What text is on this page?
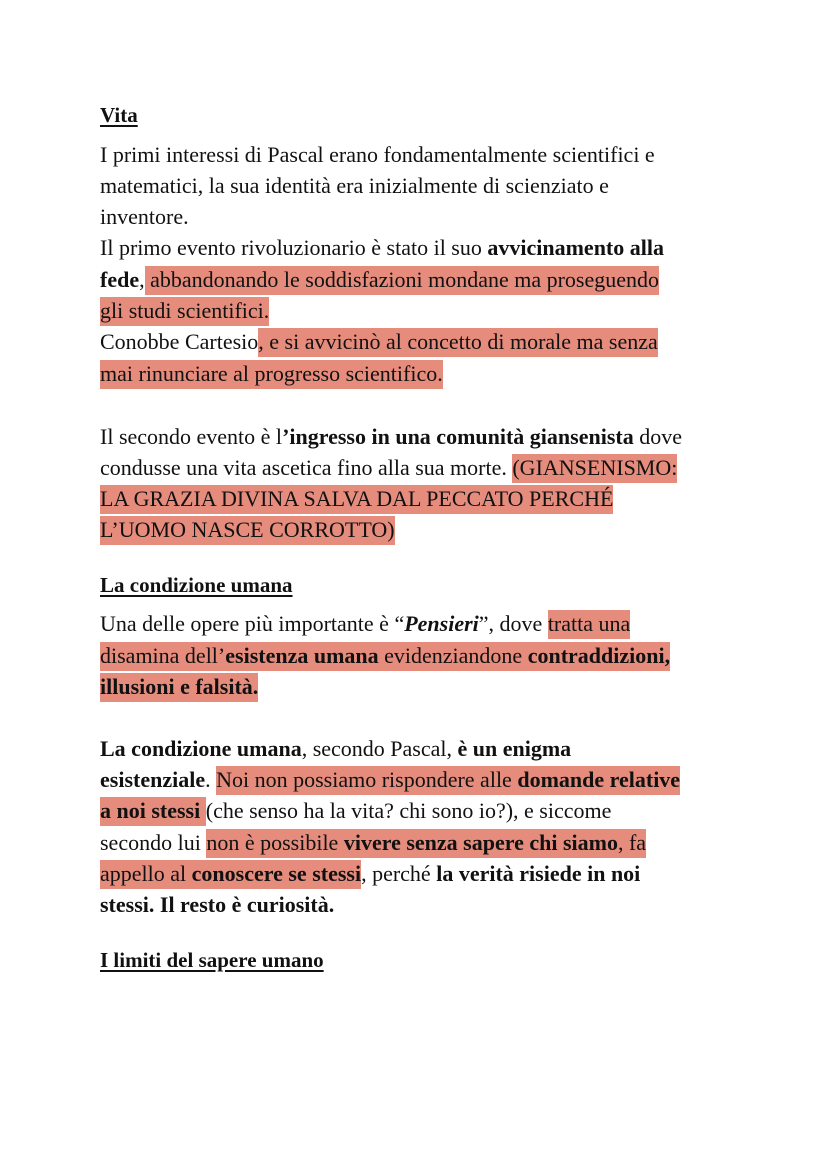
Vita
I primi interessi di Pascal erano fondamentalmente scientifici e
matematici, la sua identità era inizialmente di scienziato e
inventore.
Il primo evento rivoluzionario è stato il suo avvicinamento alla
fede, abbandonando le soddisfazioni mondane ma proseguendo
gli studi scientifici.
Conobbe Cartesio, e si avvicinò al concetto di morale ma senza
mai rinunciare al progresso scientifico.
Il secondo evento è l’ingresso in una comunità giansenista dove
condusse una vita ascetica fino alla sua morte. (GIANSENISMO:
LA GRAZIA DIVINA SALVA DAL PECCATO PERCHÉ
L’UOMO NASCE CORROTTO)
La condizione umana
Una delle opere più importante è “Pensieri”, dove tratta una
disamina dell’esistenza umana evidenziandone contraddizioni,
illusioni e falsità.
La condizione umana, secondo Pascal, è un enigma
esistenziale. Noi non possiamo rispondere alle domande relative
a noi stessi (che senso ha la vita? chi sono io?), e siccome
secondo lui non è possibile vivere senza sapere chi siamo, fa
appello al conoscere se stessi, perché la verità risiede in noi
stessi. Il resto è curiosità.
I limiti del sapere umano
